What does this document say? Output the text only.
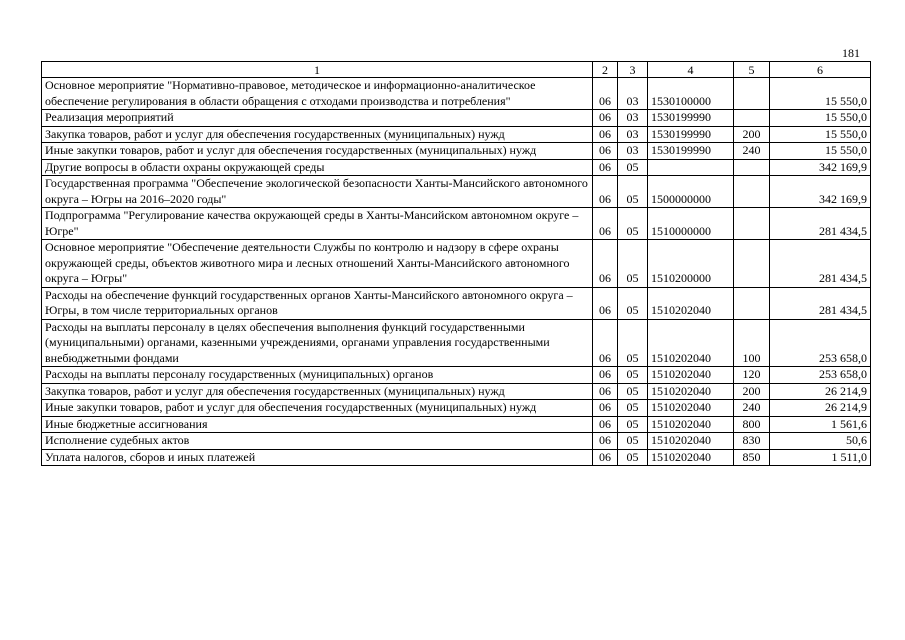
181
1	2	3	4	5	6
Основное мероприятие "Нормативно-правовое, методическое и информационно-аналитическое обеспечение регулирования в области обращения с отходами производства и потребления"	06	03	1530100000		15 550,0
Реализация мероприятий	06	03	1530199990		15 550,0
Закупка товаров, работ и услуг для обеспечения государственных (муниципальных) нужд	06	03	1530199990	200	15 550,0
Иные закупки товаров, работ и услуг для обеспечения государственных (муниципальных) нужд	06	03	1530199990	240	15 550,0
Другие вопросы в области охраны окружающей среды	06	05			342 169,9
Государственная программа "Обеспечение экологической безопасности Ханты-Мансийского автономного округа – Югры на 2016–2020 годы"	06	05	1500000000		342 169,9
Подпрограмма "Регулирование качества окружающей среды в Ханты-Мансийском автономном округе – Югре"	06	05	1510000000		281 434,5
Основное мероприятие "Обеспечение деятельности Службы по контролю и надзору в сфере охраны окружающей среды, объектов животного мира и лесных отношений Ханты-Мансийского автономного округа – Югры"	06	05	1510200000		281 434,5
Расходы на обеспечение функций государственных органов Ханты-Мансийского автономного округа – Югры, в том числе территориальных органов	06	05	1510202040		281 434,5
Расходы на выплаты персоналу в целях обеспечения выполнения функций государственными (муниципальными) органами, казенными учреждениями, органами управления государственными внебюджетными фондами	06	05	1510202040	100	253 658,0
Расходы на выплаты персоналу государственных (муниципальных) органов	06	05	1510202040	120	253 658,0
Закупка товаров, работ и услуг для обеспечения государственных (муниципальных) нужд	06	05	1510202040	200	26 214,9
Иные закупки товаров, работ и услуг для обеспечения государственных (муниципальных) нужд	06	05	1510202040	240	26 214,9
Иные бюджетные ассигнования	06	05	1510202040	800	1 561,6
Исполнение судебных актов	06	05	1510202040	830	50,6
Уплата налогов, сборов и иных платежей	06	05	1510202040	850	1 511,0
